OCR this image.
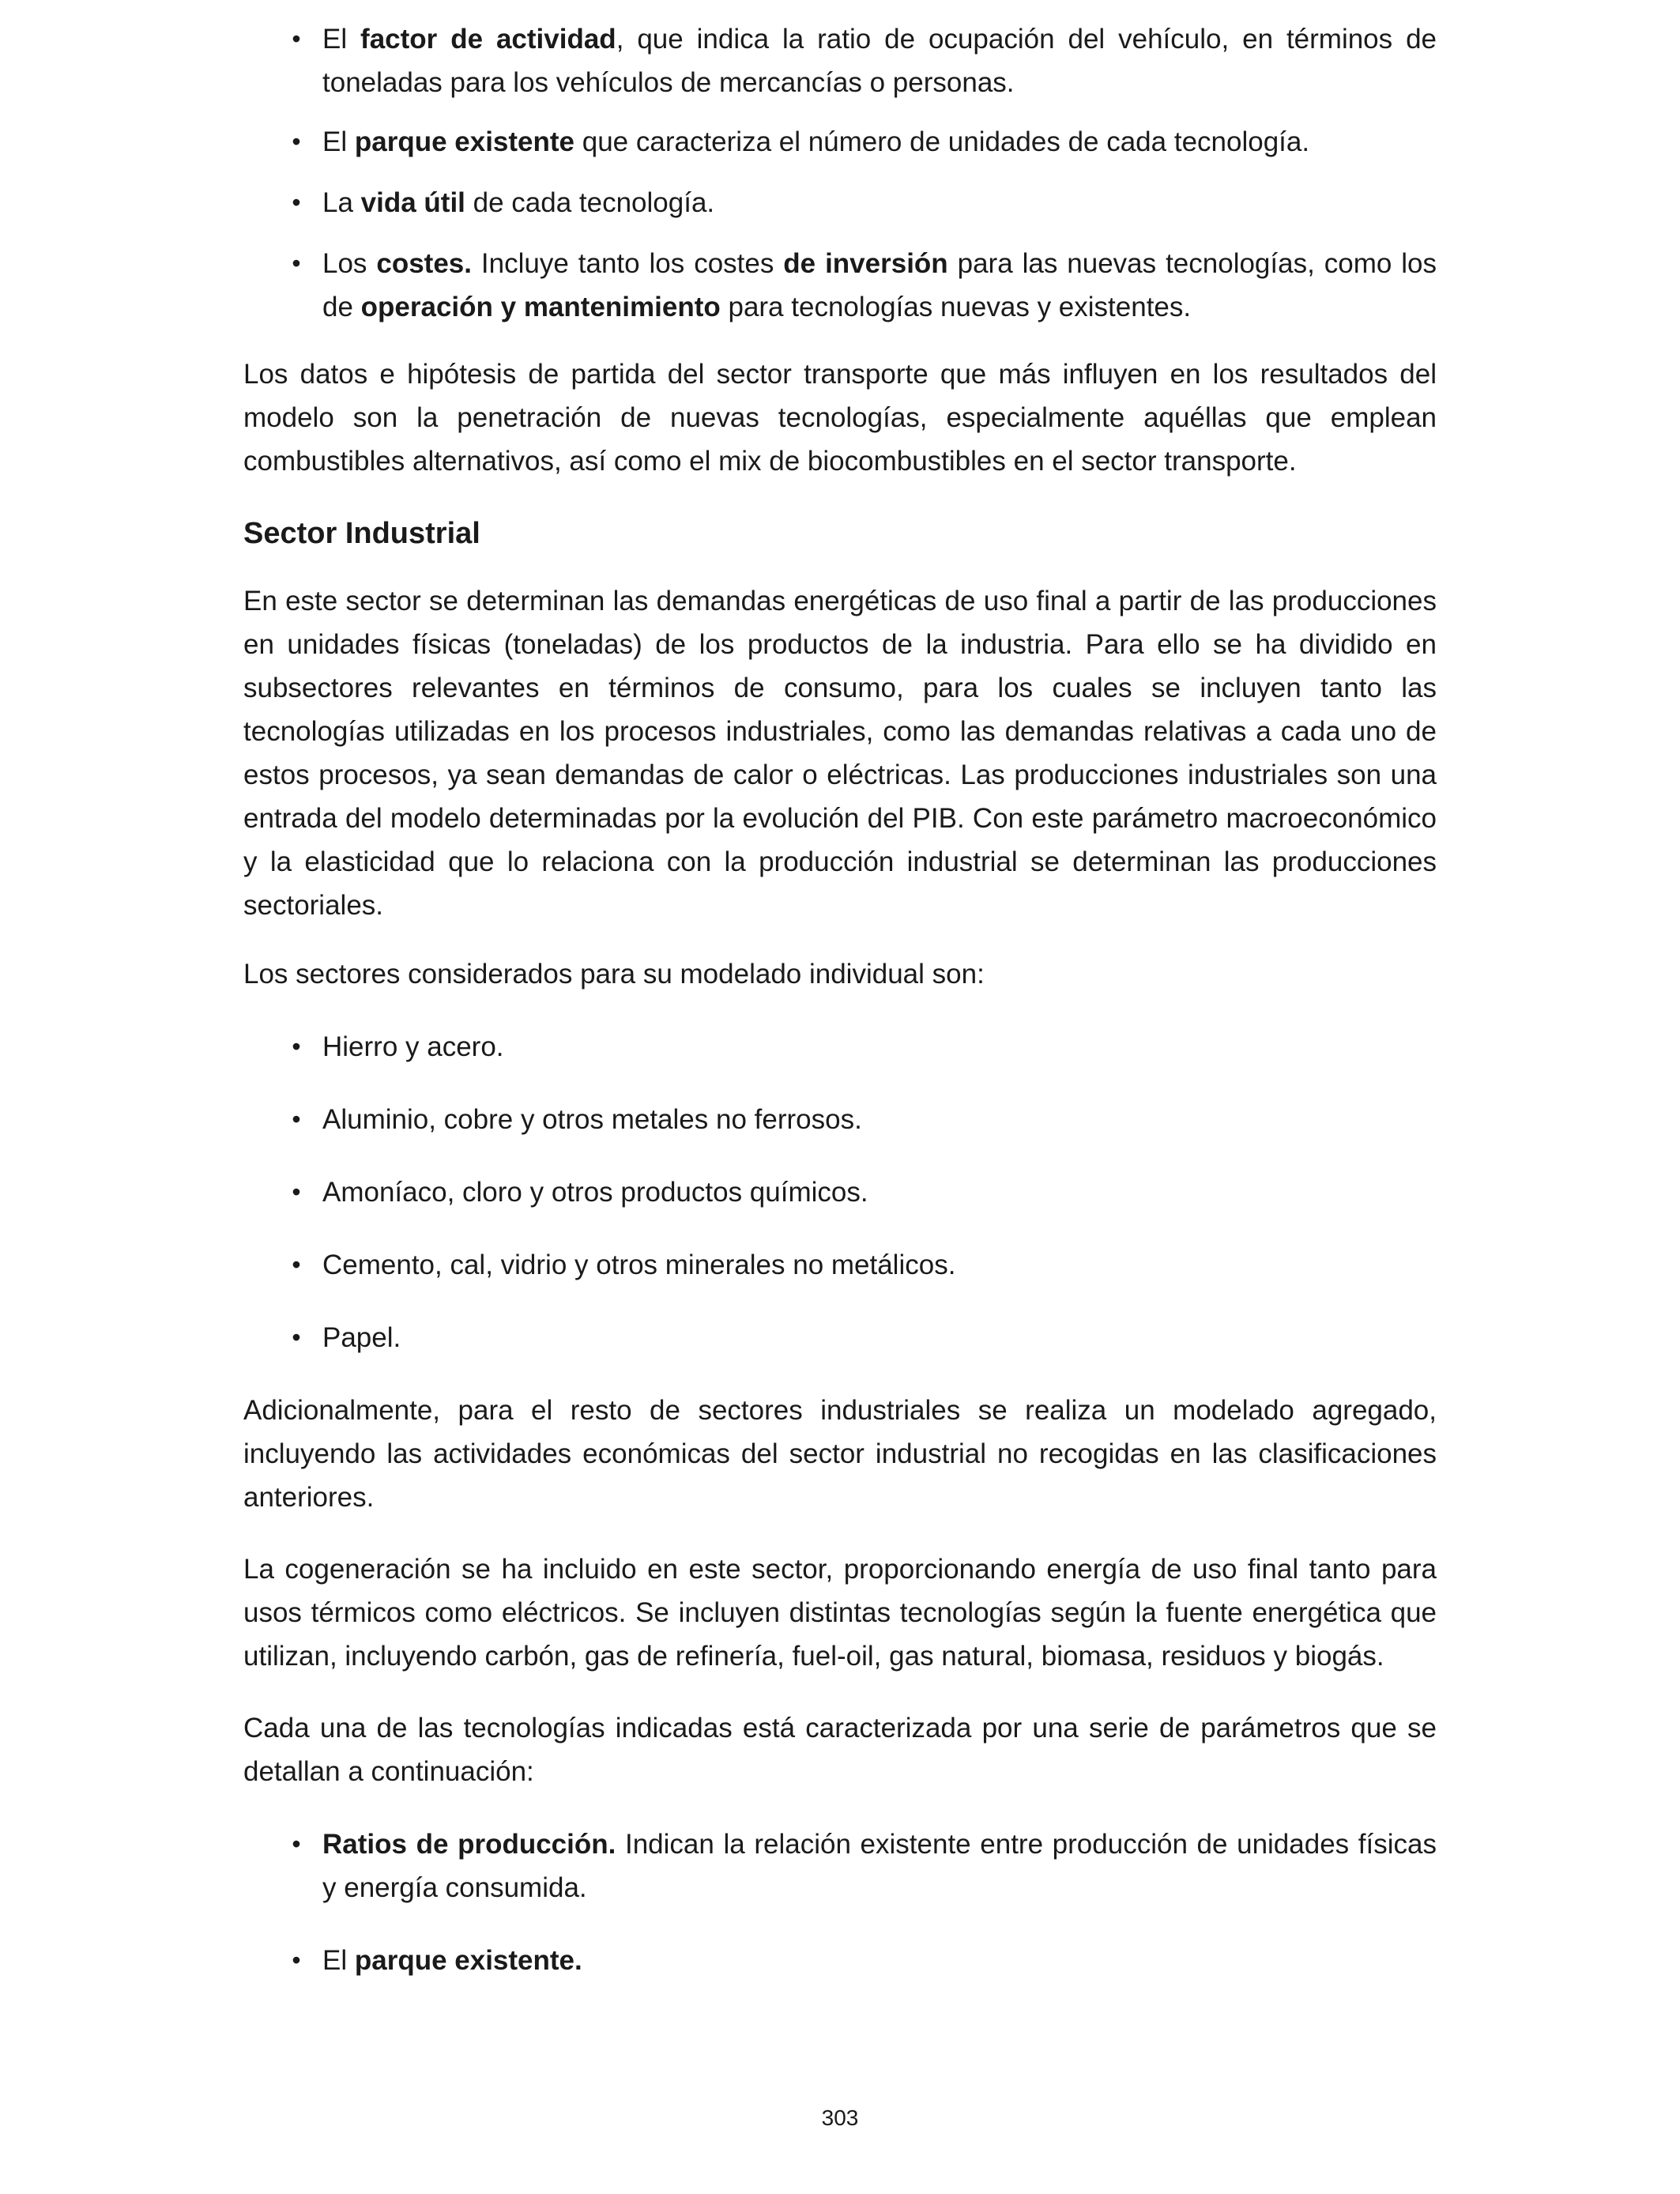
• El factor de actividad, que indica la ratio de ocupación del vehículo, en términos de toneladas para los vehículos de mercancías o personas.
• El parque existente que caracteriza el número de unidades de cada tecnología.
• La vida útil de cada tecnología.
• Los costes. Incluye tanto los costes de inversión para las nuevas tecnologías, como los de operación y mantenimiento para tecnologías nuevas y existentes.

Los datos e hipótesis de partida del sector transporte que más influyen en los resultados del modelo son la penetración de nuevas tecnologías, especialmente aquéllas que emplean combustibles alternativos, así como el mix de biocombustibles en el sector transporte.

Sector Industrial

En este sector se determinan las demandas energéticas de uso final a partir de las producciones en unidades físicas (toneladas) de los productos de la industria. Para ello se ha dividido en subsectores relevantes en términos de consumo, para los cuales se incluyen tanto las tecnologías utilizadas en los procesos industriales, como las demandas relativas a cada uno de estos procesos, ya sean demandas de calor o eléctricas. Las producciones industriales son una entrada del modelo determinadas por la evolución del PIB. Con este parámetro macroeconómico y la elasticidad que lo relaciona con la producción industrial se determinan las producciones sectoriales.

Los sectores considerados para su modelado individual son:

• Hierro y acero.
• Aluminio, cobre y otros metales no ferrosos.
• Amoníaco, cloro y otros productos químicos.
• Cemento, cal, vidrio y otros minerales no metálicos.
• Papel.

Adicionalmente, para el resto de sectores industriales se realiza un modelado agregado, incluyendo las actividades económicas del sector industrial no recogidas en las clasificaciones anteriores.

La cogeneración se ha incluido en este sector, proporcionando energía de uso final tanto para usos térmicos como eléctricos. Se incluyen distintas tecnologías según la fuente energética que utilizan, incluyendo carbón, gas de refinería, fuel-oil, gas natural, biomasa, residuos y biogás.

Cada una de las tecnologías indicadas está caracterizada por una serie de parámetros que se detallan a continuación:

• Ratios de producción. Indican la relación existente entre producción de unidades físicas y energía consumida.
• El parque existente.
303
